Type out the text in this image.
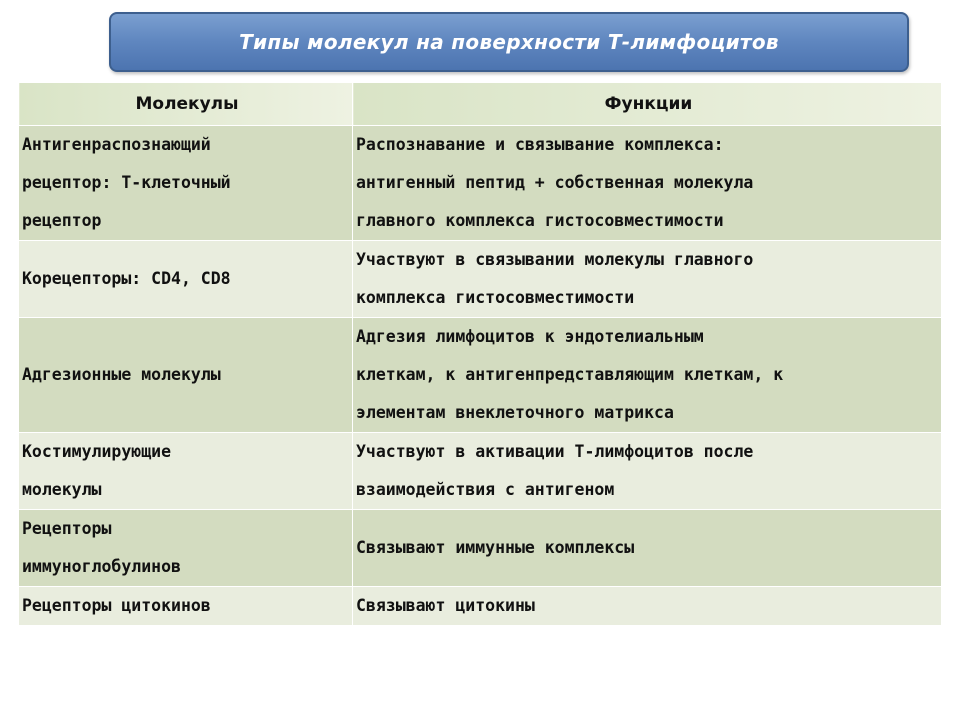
Типы молекул на поверхности Т-лимфоцитов
Молекулы	Функции
Антигенраспознающий
рецептор: Т-клеточный
рецептор	Распознавание и связывание комплекса:
антигенный пептид + собственная молекула
главного комплекса гистосовместимости
Корецепторы: CD4, CD8	Участвуют в связывании молекулы главного
комплекса гистосовместимости
Адгезионные молекулы	Адгезия лимфоцитов к эндотелиальным
клеткам, к антигенпредставляющим клеткам, к
элементам внеклеточного матрикса
Костимулирующие
молекулы	Участвуют в активации Т-лимфоцитов после
взаимодействия с антигеном
Рецепторы
иммуноглобулинов	Связывают иммунные комплексы
Рецепторы цитокинов	Связывают цитокины
